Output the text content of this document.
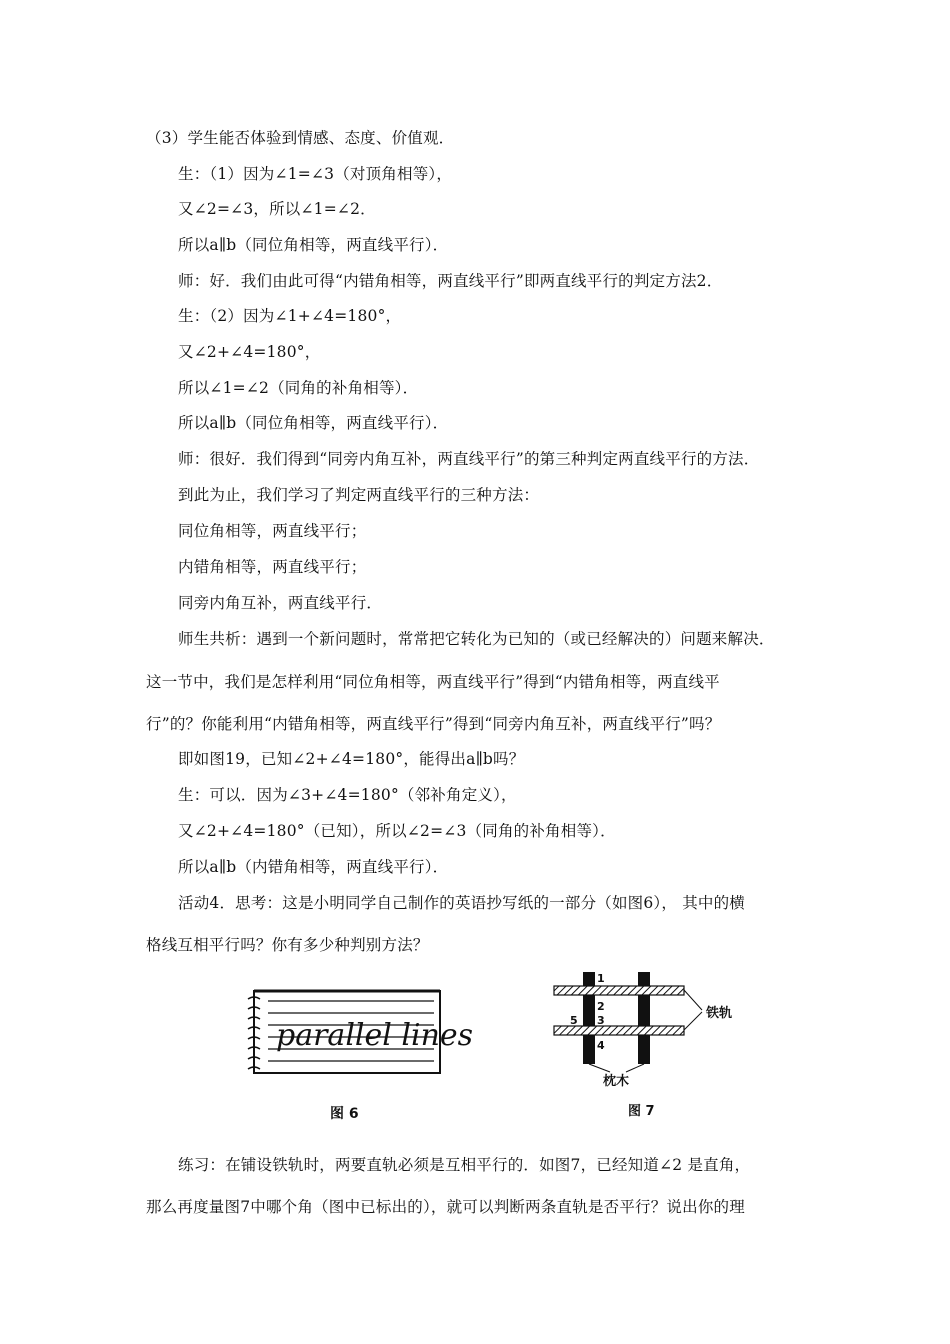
（3）学生能否体验到情感、态度、价值观．
生：（1）因为∠1=∠3（对顶角相等），
又∠2=∠3，所以∠1=∠2．
所以a∥b（同位角相等，两直线平行）．
师：好．我们由此可得“内错角相等，两直线平行”即两直线平行的判定方法2．
生：（2）因为∠1+∠4=180°，
又∠2+∠4=180°，
所以∠1=∠2（同角的补角相等）．
所以a∥b（同位角相等，两直线平行）．
师：很好．我们得到“同旁内角互补，两直线平行”的第三种判定两直线平行的方法．
到此为止，我们学习了判定两直线平行的三种方法：
同位角相等，两直线平行；
内错角相等，两直线平行；
同旁内角互补，两直线平行．
师生共析：遇到一个新问题时，常常把它转化为已知的（或已经解决的）问题来解决．
这一节中，我们是怎样利用“同位角相等，两直线平行”得到“内错角相等，两直线平
行”的？你能利用“内错角相等，两直线平行”得到“同旁内角互补，两直线平行”吗？
即如图19，已知∠2+∠4=180°，能得出a∥b吗？
生：可以．因为∠3+∠4=180°（邻补角定义），
又∠2+∠4=180°（已知），所以∠2=∠3（同角的补角相等）．
所以a∥b（内错角相等，两直线平行）．
活动4．思考：这是小明同学自己制作的英语抄写纸的一部分（如图6）， 其中的横
格线互相平行吗？你有多少种判别方法？
parallel lines
图 6
1
2
3
5
4
铁轨
枕木
图 7
练习：在铺设铁轨时，两要直轨必须是互相平行的．如图7，已经知道∠2 是直角，
那么再度量图7中哪个角（图中已标出的），就可以判断两条直轨是否平行？说出你的理
